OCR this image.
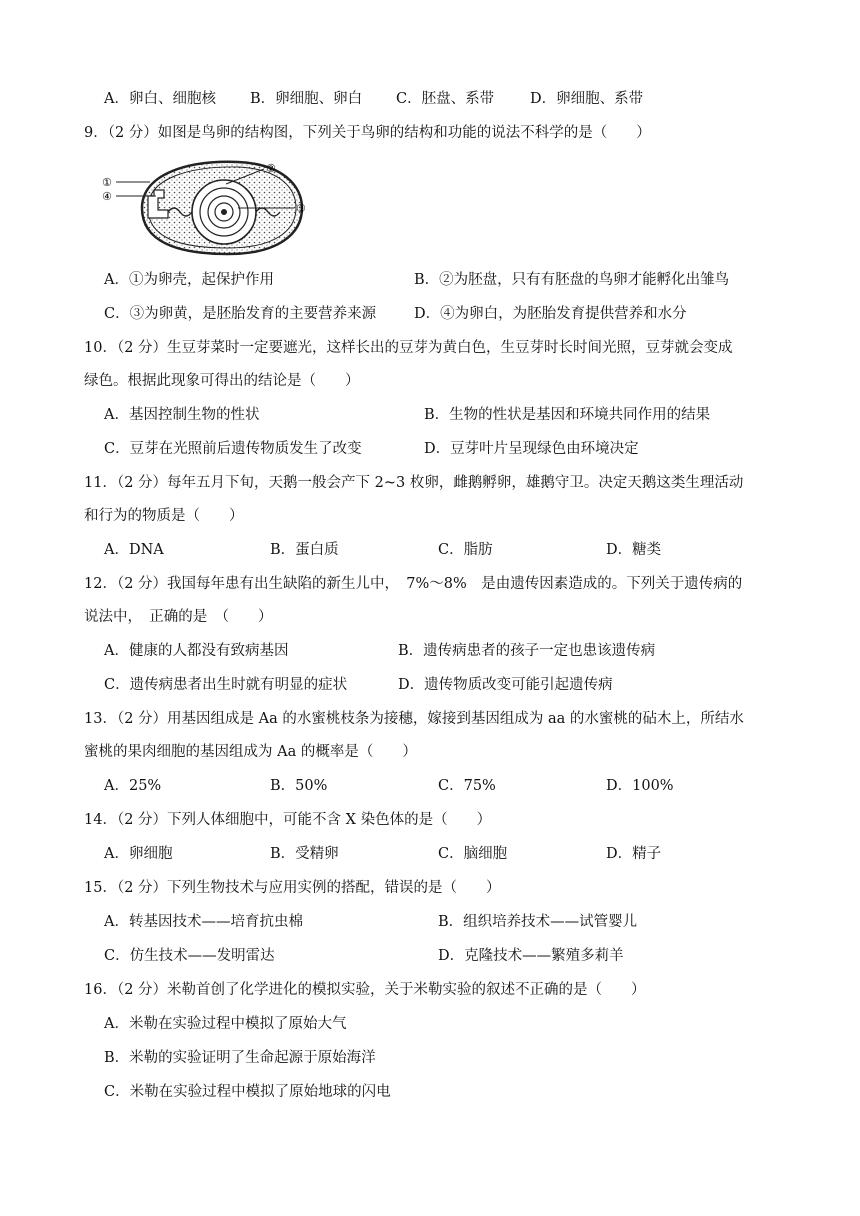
A．卵白、细胞核 B．卵细胞、卵白 C．胚盘、系带 D．卵细胞、系带
9．（2 分）如图是鸟卵的结构图，下列关于鸟卵的结构和功能的说法不科学的是（　　）
①
④
②
③
A．①为卵壳，起保护作用	B．②为胚盘，只有有胚盘的鸟卵才能孵化出雏鸟
C．③为卵黄，是胚胎发育的主要营养来源	D．④为卵白，为胚胎发育提供营养和水分
10．（2 分）生豆芽菜时一定要遮光，这样长出的豆芽为黄白色，生豆芽时长时间光照，豆芽就会变成
绿色。根据此现象可得出的结论是（　　）
A．基因控制生物的性状	B．生物的性状是基因和环境共同作用的结果
C．豆芽在光照前后遗传物质发生了改变	D．豆芽叶片呈现绿色由环境决定
11．（2 分）每年五月下旬，天鹅一般会产下 2~3 枚卵，雌鹅孵卵，雄鹅守卫。决定天鹅这类生理活动
和行为的物质是（　　）
A．DNA	B．蛋白质	C．脂肪	D．糖类
12．（2 分）我国每年患有出生缺陷的新生儿中，　7%～8%　是由遗传因素造成的。下列关于遗传病的
说法中，　正确的是　（　　）
A．健康的人都没有致病基因	B．遗传病患者的孩子一定也患该遗传病
C．遗传病患者出生时就有明显的症状	D．遗传物质改变可能引起遗传病
13．（2 分）用基因组成是 Aa 的水蜜桃枝条为接穗，嫁接到基因组成为 aa 的水蜜桃的砧木上，所结水
蜜桃的果肉细胞的基因组成为 Aa 的概率是（　　）
A．25%	B．50%	C．75%	D．100%
14．（2 分）下列人体细胞中，可能不含 X 染色体的是（　　）
A．卵细胞	B．受精卵	C．脑细胞	D．精子
15．（2 分）下列生物技术与应用实例的搭配，错误的是（　　）
A．转基因技术——培育抗虫棉	B．组织培养技术——试管婴儿
C．仿生技术——发明雷达	D．克隆技术——繁殖多莉羊
16．（2 分）米勒首创了化学进化的模拟实验，关于米勒实验的叙述不正确的是（　　）
A．米勒在实验过程中模拟了原始大气
B．米勒的实验证明了生命起源于原始海洋
C．米勒在实验过程中模拟了原始地球的闪电
